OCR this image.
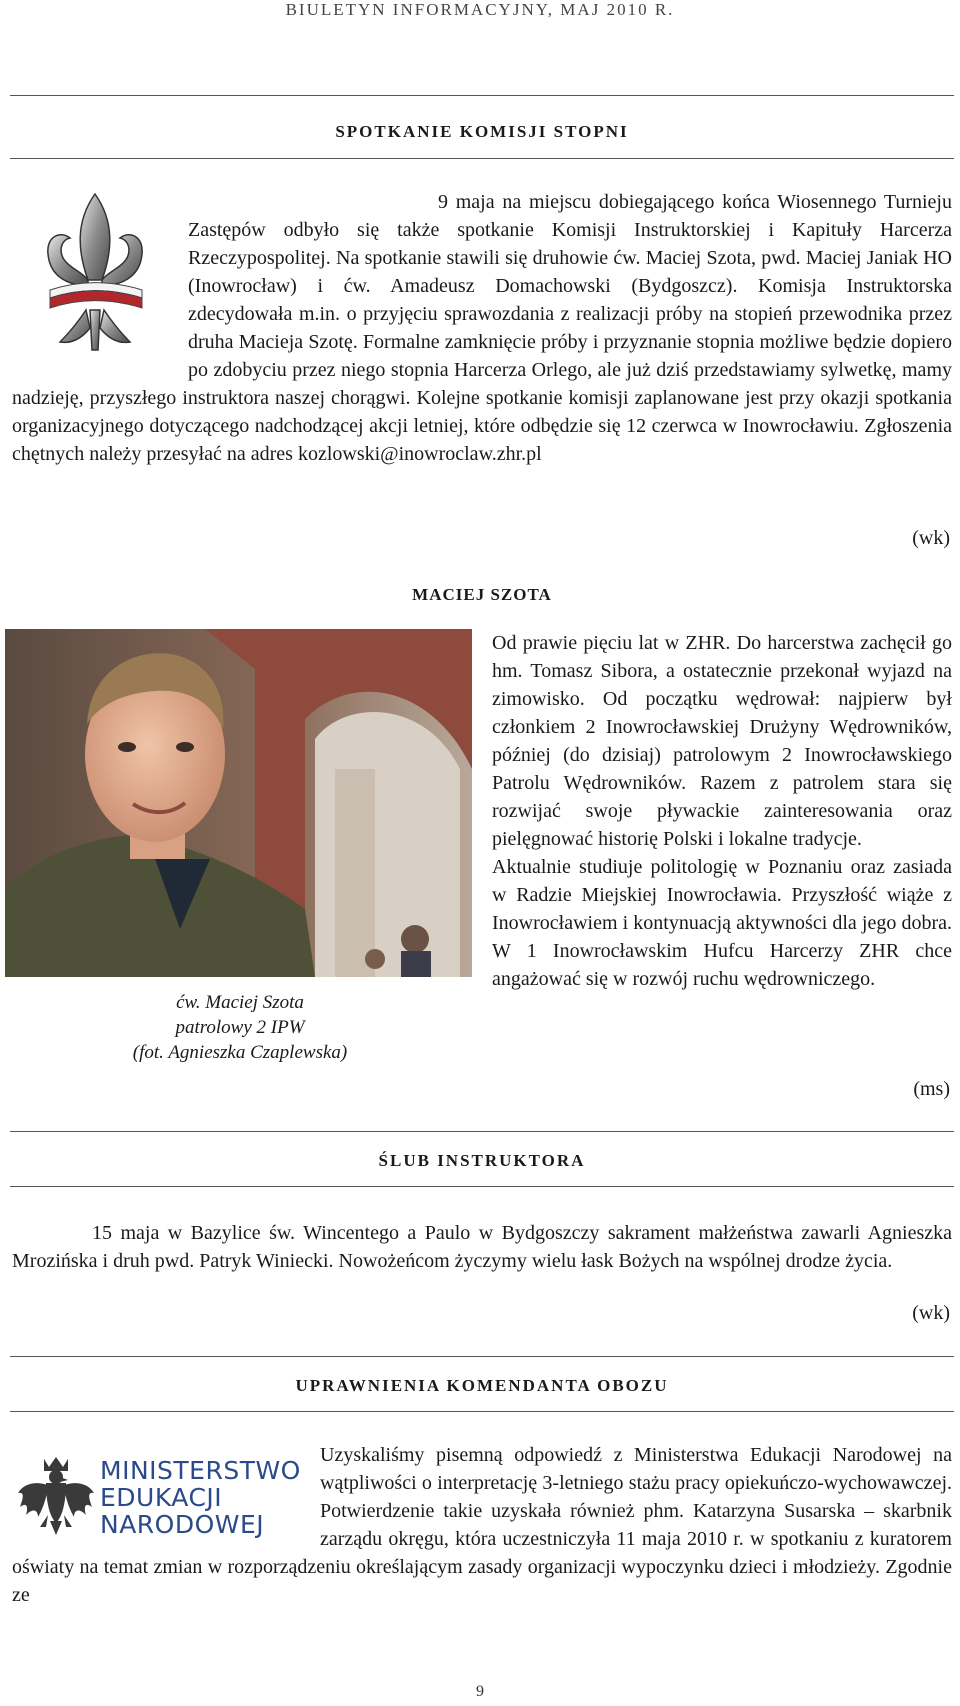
BIULETYN INFORMACYJNY, MAJ 2010 R.
SPOTKANIE KOMISJI STOPNI
9 maja na miejscu dobiegającego końca Wiosennego Turnieju Zastępów odbyło się także spotkanie Komisji Instruktorskiej i Kapituły Harcerza Rzeczypospolitej. Na spotkanie stawili się druhowie ćw. Maciej Szota, pwd. Maciej Janiak HO (Inowrocław) i ćw. Amadeusz Domachowski (Bydgoszcz). Komisja Instruktorska zdecydowała m.in. o przyjęciu sprawozdania z realizacji próby na stopień przewodnika przez druha Macieja Szotę. Formalne zamknięcie próby i przyznanie stopnia możliwe będzie dopiero po zdobyciu przez niego stopnia Harcerza Orlego, ale już dziś przedstawiamy sylwetkę, mamy nadzieję, przyszłego instruktora naszej chorągwi. Kolejne spotkanie komisji zaplanowane jest przy okazji spotkania organizacyjnego dotyczącego nadchodzącej akcji letniej, które odbędzie się 12 czerwca w Inowrocławiu. Zgłoszenia chętnych należy przesyłać na adres kozlowski@inowroclaw.zhr.pl
(wk)
MACIEJ SZOTA
ćw. Maciej Szota
patrolowy 2 IPW
(fot. Agnieszka Czaplewska)
Od prawie pięciu lat w ZHR. Do harcerstwa zachęcił go hm. Tomasz Sibora, a ostatecznie przekonał wyjazd na zimowisko. Od początku wędrował: najpierw był członkiem 2 Inowrocławskiej Drużyny Wędrowników, później (do dzisiaj) patrolowym 2 Inowrocławskiego Patrolu Wędrowników. Razem z patrolem stara się rozwijać swoje pływackie zainteresowania oraz pielęgnować historię Polski i lokalne tradycje.
Aktualnie studiuje politologię w Poznaniu oraz zasiada w Radzie Miejskiej Inowrocławia. Przyszłość wiąże z Inowrocławiem i kontynuacją aktywności dla jego dobra. W 1 Inowrocławskim Hufcu Harcerzy ZHR chce angażować się w rozwój ruchu wędrowniczego.
(ms)
ŚLUB INSTRUKTORA
15 maja w Bazylice św. Wincentego a Paulo w Bydgoszczy sakrament małżeństwa zawarli Agnieszka Mrozińska i druh pwd. Patryk Winiecki. Nowożeńcom życzymy wielu łask Bożych na wspólnej drodze życia.
(wk)
UPRAWNIENIA KOMENDANTA OBOZU
MINISTERSTWO
EDUKACJI
NARODOWEJ
Uzyskaliśmy pisemną odpowiedź z Ministerstwa Edukacji Narodowej na wątpliwości o interpretację 3-letniego stażu pracy opiekuńczo-wychowawczej. Potwierdzenie takie uzyskała również phm. Katarzyna Susarska – skarbnik zarządu okręgu, która uczestniczyła 11 maja 2010 r. w spotkaniu z kuratorem oświaty na temat zmian w rozporządzeniu określającym zasady organizacji wypoczynku dzieci i młodzieży. Zgodnie ze
9
